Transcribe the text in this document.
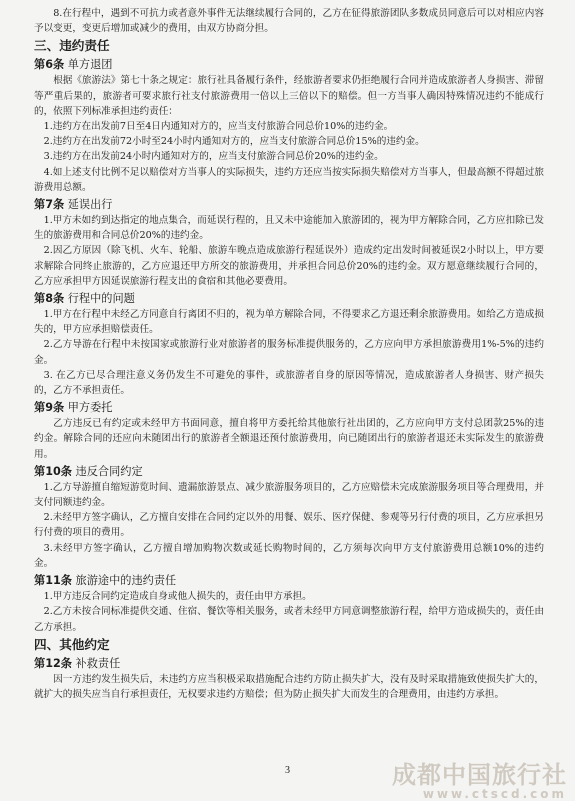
8.在行程中，遇到不可抗力或者意外事件无法继续履行合同的，乙方在征得旅游团队多数成员同意后可以对相应内容予以变更，变更后增加或减少的费用，由双方协商分担。

三、违约责任
第6条 单方退团

根据《旅游法》第七十条之规定：旅行社具备履行条件，经旅游者要求仍拒绝履行合同并造成旅游者人身损害、滞留等严重后果的，旅游者可要求旅行社支付旅游费用一倍以上三倍以下的赔偿。但一方当事人确因特殊情况违约不能成行的，依照下列标准承担违约责任：

1.违约方在出发前7日至4日内通知对方的，应当支付旅游合同总价10%的违约金。

2.违约方在出发前72小时至24小时内通知对方的，应当支付旅游合同总价15%的违约金。

3.违约方在出发前24小时内通知对方的，应当支付旅游合同总价20%的违约金。

4.如上述支付比例不足以赔偿对方当事人的实际损失，违约方还应当按实际损失赔偿对方当事人，但最高额不得超过旅游费用总额。

第7条 延误出行

1.甲方未如约到达指定的地点集合，而延误行程的，且又未中途能加入旅游团的，视为甲方解除合同，乙方应扣除已发生的旅游费用和合同总价20%的违约金。

2.因乙方原因（除飞机、火车、轮船、旅游车晚点造成旅游行程延误外）造成约定出发时间被延误2小时以上，甲方要求解除合同终止旅游的，乙方应退还甲方所交的旅游费用，并承担合同总价20%的违约金。双方愿意继续履行合同的，乙方应承担甲方因延误旅游行程支出的食宿和其他必要费用。

第8条 行程中的问题

1.甲方在行程中未经乙方同意自行离团不归的，视为单方解除合同，不得要求乙方退还剩余旅游费用。如给乙方造成损失的，甲方应承担赔偿责任。

2.乙方导游在行程中未按国家或旅游行业对旅游者的服务标准提供服务的，乙方应向甲方承担旅游费用1%-5%的违约金。

3. 在乙方已尽合理注意义务仍发生不可避免的事件，或旅游者自身的原因等情况，造成旅游者人身损害、财产损失的，乙方不承担责任。

第9条 甲方委托

乙方违反已有约定或未经甲方书面同意，擅自将甲方委托给其他旅行社出团的，乙方应向甲方支付总团款25%的违约金。解除合同的还应向未随团出行的旅游者全额退还预付旅游费用，向已随团出行的旅游者退还未实际发生的旅游费用。

第10条 违反合同约定

1.乙方导游擅自缩短游览时间、遗漏旅游景点、减少旅游服务项目的，乙方应赔偿未完成旅游服务项目等合理费用，并支付同额违约金。

2.未经甲方签字确认，乙方擅自安排在合同约定以外的用餐、娱乐、医疗保健、参观等另行付费的项目，乙方应承担另行付费的项目的费用。

3.未经甲方签字确认，乙方擅自增加购物次数或延长购物时间的，乙方须每次向甲方支付旅游费用总额10%的违约金。

第11条 旅游途中的违约责任

1.甲方违反合同约定造成自身或他人损失的，责任由甲方承担。

2.乙方未按合同标准提供交通、住宿、餐饮等相关服务，或者未经甲方同意调整旅游行程，给甲方造成损失的，责任由乙方承担。

四、其他约定
第12条 补救责任

因一方违约发生损失后，未违约方应当积极采取措施配合违约方防止损失扩大，没有及时采取措施致使损失扩大的，就扩大的损失应当自行承担责任，无权要求违约方赔偿；但为防止损失扩大而发生的合理费用，由违约方承担。

3	成都中国旅行社
www.ctscd.com
